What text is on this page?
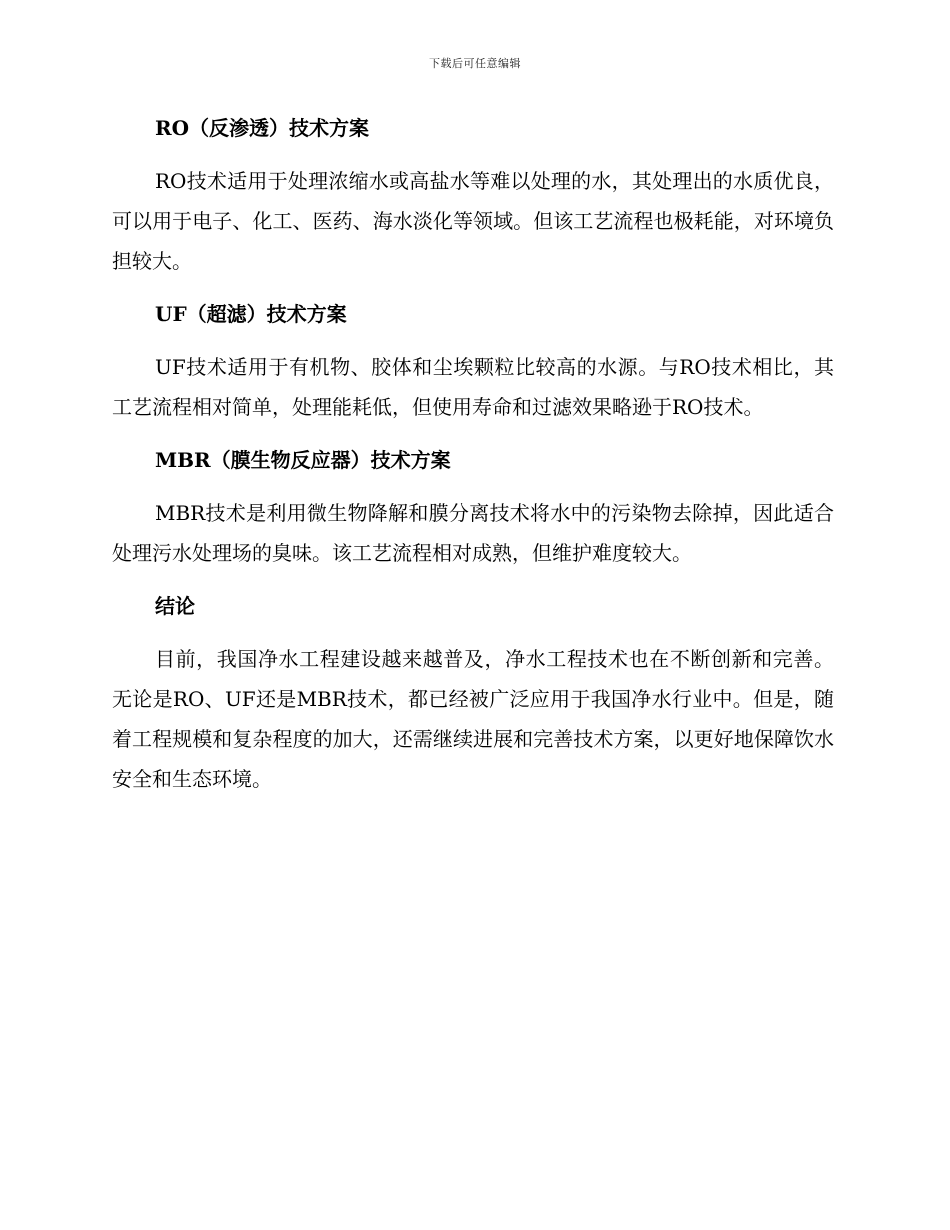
下载后可任意编辑
RO（反渗透）技术方案

RO技术适用于处理浓缩水或高盐水等难以处理的水，其处理出的水质优良，可以用于电子、化工、医药、海水淡化等领域。但该工艺流程也极耗能，对环境负担较大。

UF（超滤）技术方案

UF技术适用于有机物、胶体和尘埃颗粒比较高的水源。与RO技术相比，其工艺流程相对简单，处理能耗低，但使用寿命和过滤效果略逊于RO技术。

MBR（膜生物反应器）技术方案

MBR技术是利用微生物降解和膜分离技术将水中的污染物去除掉，因此适合处理污水处理场的臭味。该工艺流程相对成熟，但维护难度较大。

结论

目前，我国净水工程建设越来越普及，净水工程技术也在不断创新和完善。无论是RO、UF还是MBR技术，都已经被广泛应用于我国净水行业中。但是，随着工程规模和复杂程度的加大，还需继续进展和完善技术方案，以更好地保障饮水安全和生态环境。
